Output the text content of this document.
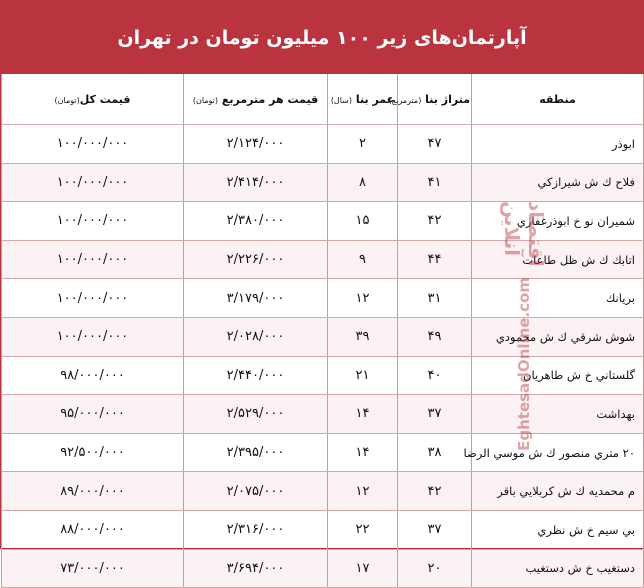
آپارتمان‌های زیر ۱۰۰ میلیون تومان در تهران
منطقه	متراژ بنا (مترمربع)	عمر بنا (سال)	قیمت هر مترمربع (تومان)	قیمت کل(تومان)
ابوذر	۴۷	۲	۲/۱۲۴/۰۰۰	۱۰۰/۰۰۰/۰۰۰
فلاح ك ش شيرازكي	۴۱	۸	۲/۴۱۴/۰۰۰	۱۰۰/۰۰۰/۰۰۰
شميران نو خ ابوذرغفاري	۴۲	۱۵	۲/۳۸۰/۰۰۰	۱۰۰/۰۰۰/۰۰۰
اتابك ك ش ظل طاعات	۴۴	۹	۲/۲۲۶/۰۰۰	۱۰۰/۰۰۰/۰۰۰
بريانك	۳۱	۱۲	۳/۱۷۹/۰۰۰	۱۰۰/۰۰۰/۰۰۰
شوش شرقي ك ش محمودي	۴۹	۳۹	۲/۰۲۸/۰۰۰	۱۰۰/۰۰۰/۰۰۰
گلستاني خ ش طاهريان	۴۰	۲۱	۲/۴۴۰/۰۰۰	۹۸/۰۰۰/۰۰۰
بهداشت	۳۷	۱۴	۲/۵۲۹/۰۰۰	۹۵/۰۰۰/۰۰۰
۲۰ متري منصور ك ش موسي الرضا	۳۸	۱۴	۲/۳۹۵/۰۰۰	۹۲/۵۰۰/۰۰۰
م محمديه ك ش كربلايي باقر	۴۲	۱۲	۲/۰۷۵/۰۰۰	۸۹/۰۰۰/۰۰۰
بي سيم خ ش نظري	۳۷	۲۲	۲/۳۱۶/۰۰۰	۸۸/۰۰۰/۰۰۰
دستغيب خ ش دستغيب	۲۰	۱۷	۳/۶۹۴/۰۰۰	۷۳/۰۰۰/۰۰۰
اقتصاد آنلاین
EghtesadOnline.com
